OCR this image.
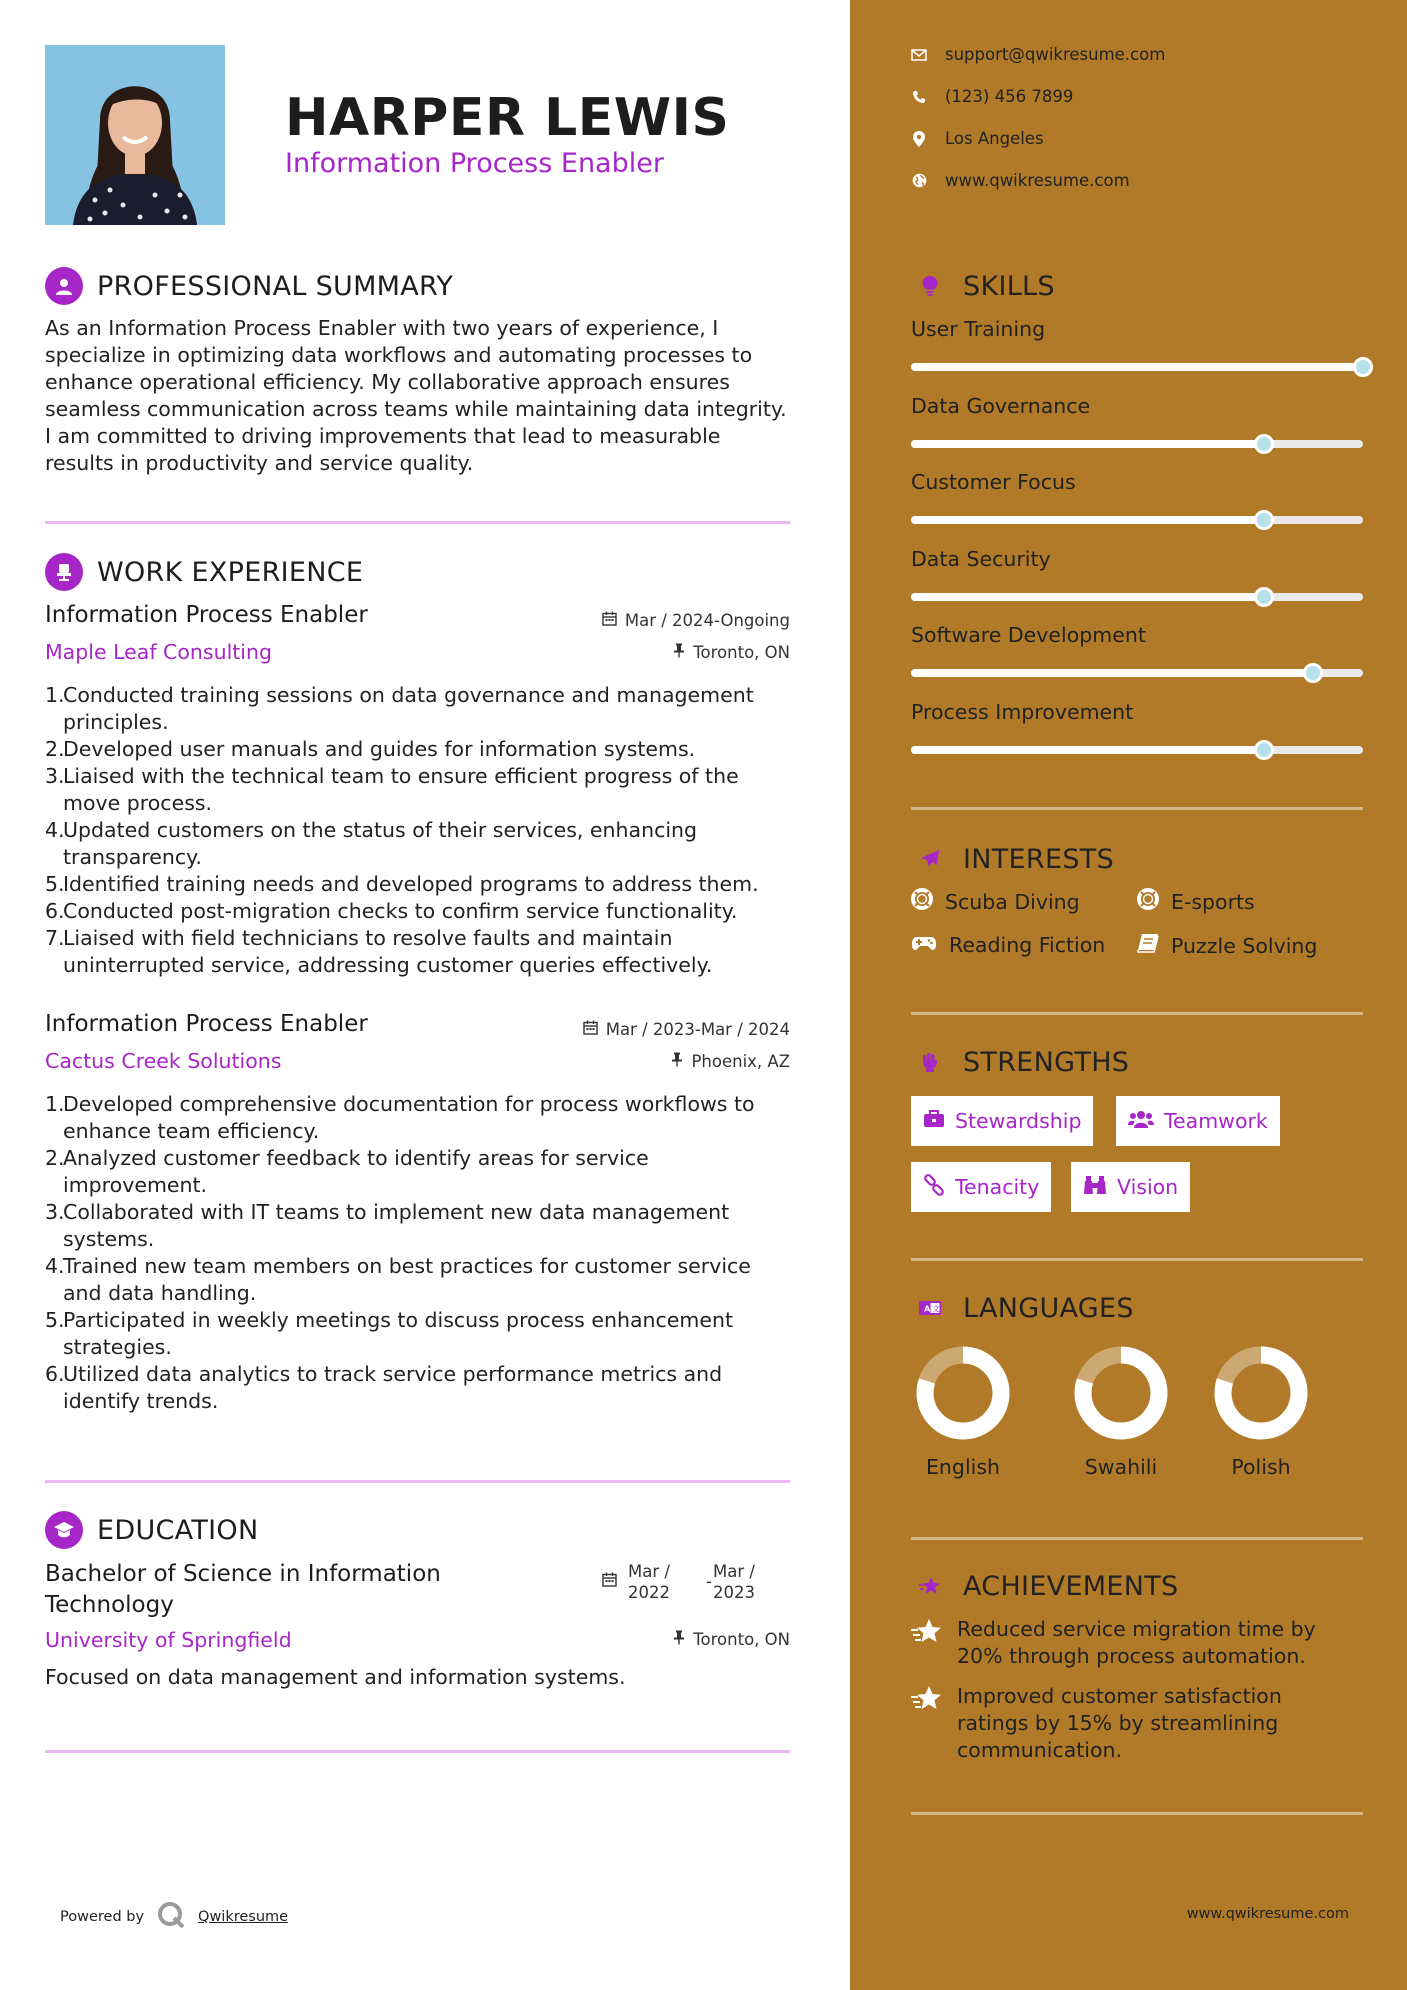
HARPER LEWIS
Information Process Enabler
PROFESSIONAL SUMMARY
As an Information Process Enabler with two years of experience, I specialize in optimizing data workflows and automating processes to enhance operational efficiency. My collaborative approach ensures seamless communication across teams while maintaining data integrity. I am committed to driving improvements that lead to measurable results in productivity and service quality.
WORK EXPERIENCE
Information Process Enabler	Mar / 2024-Ongoing
Maple Leaf Consulting	Toronto, ON
1.
Conducted training sessions on data governance and management principles.
2.
Developed user manuals and guides for information systems.
3.
Liaised with the technical team to ensure efficient progress of the move process.
4.
Updated customers on the status of their services, enhancing transparency.
5.
Identified training needs and developed programs to address them.
6.
Conducted post-migration checks to confirm service functionality.
7.
Liaised with field technicians to resolve faults and maintain uninterrupted service, addressing customer queries effectively.
Information Process Enabler	Mar / 2023-Mar / 2024
Cactus Creek Solutions	Phoenix, AZ
1.
Developed comprehensive documentation for process workflows to enhance team efficiency.
2.
Analyzed customer feedback to identify areas for service improvement.
3.
Collaborated with IT teams to implement new data management systems.
4.
Trained new team members on best practices for customer service and data handling.
5.
Participated in weekly meetings to discuss process enhancement strategies.
6.
Utilized data analytics to track service performance metrics and identify trends.
EDUCATION
Bachelor of Science in Information
Technology
Mar /
2022
-
Mar /
2023
University of Springfield	Toronto, ON
Focused on data management and information systems.
Powered by	Qwikresume
support@qwikresume.com
(123) 456 7899
Los Angeles
www.qwikresume.com
SKILLS
User Training
Data Governance
Customer Focus
Data Security
Software Development
Process Improvement
INTERESTS
Scuba Diving	E-sports
Reading Fiction	Puzzle Solving
STRENGTHS
Stewardship	Teamwork
Tenacity	Vision
A 文 LANGUAGES
English	Swahili	Polish
ACHIEVEMENTS
Reduced service migration time by 20% through process automation.
Improved customer satisfaction ratings by 15% by streamlining communication.
www.qwikresume.com
